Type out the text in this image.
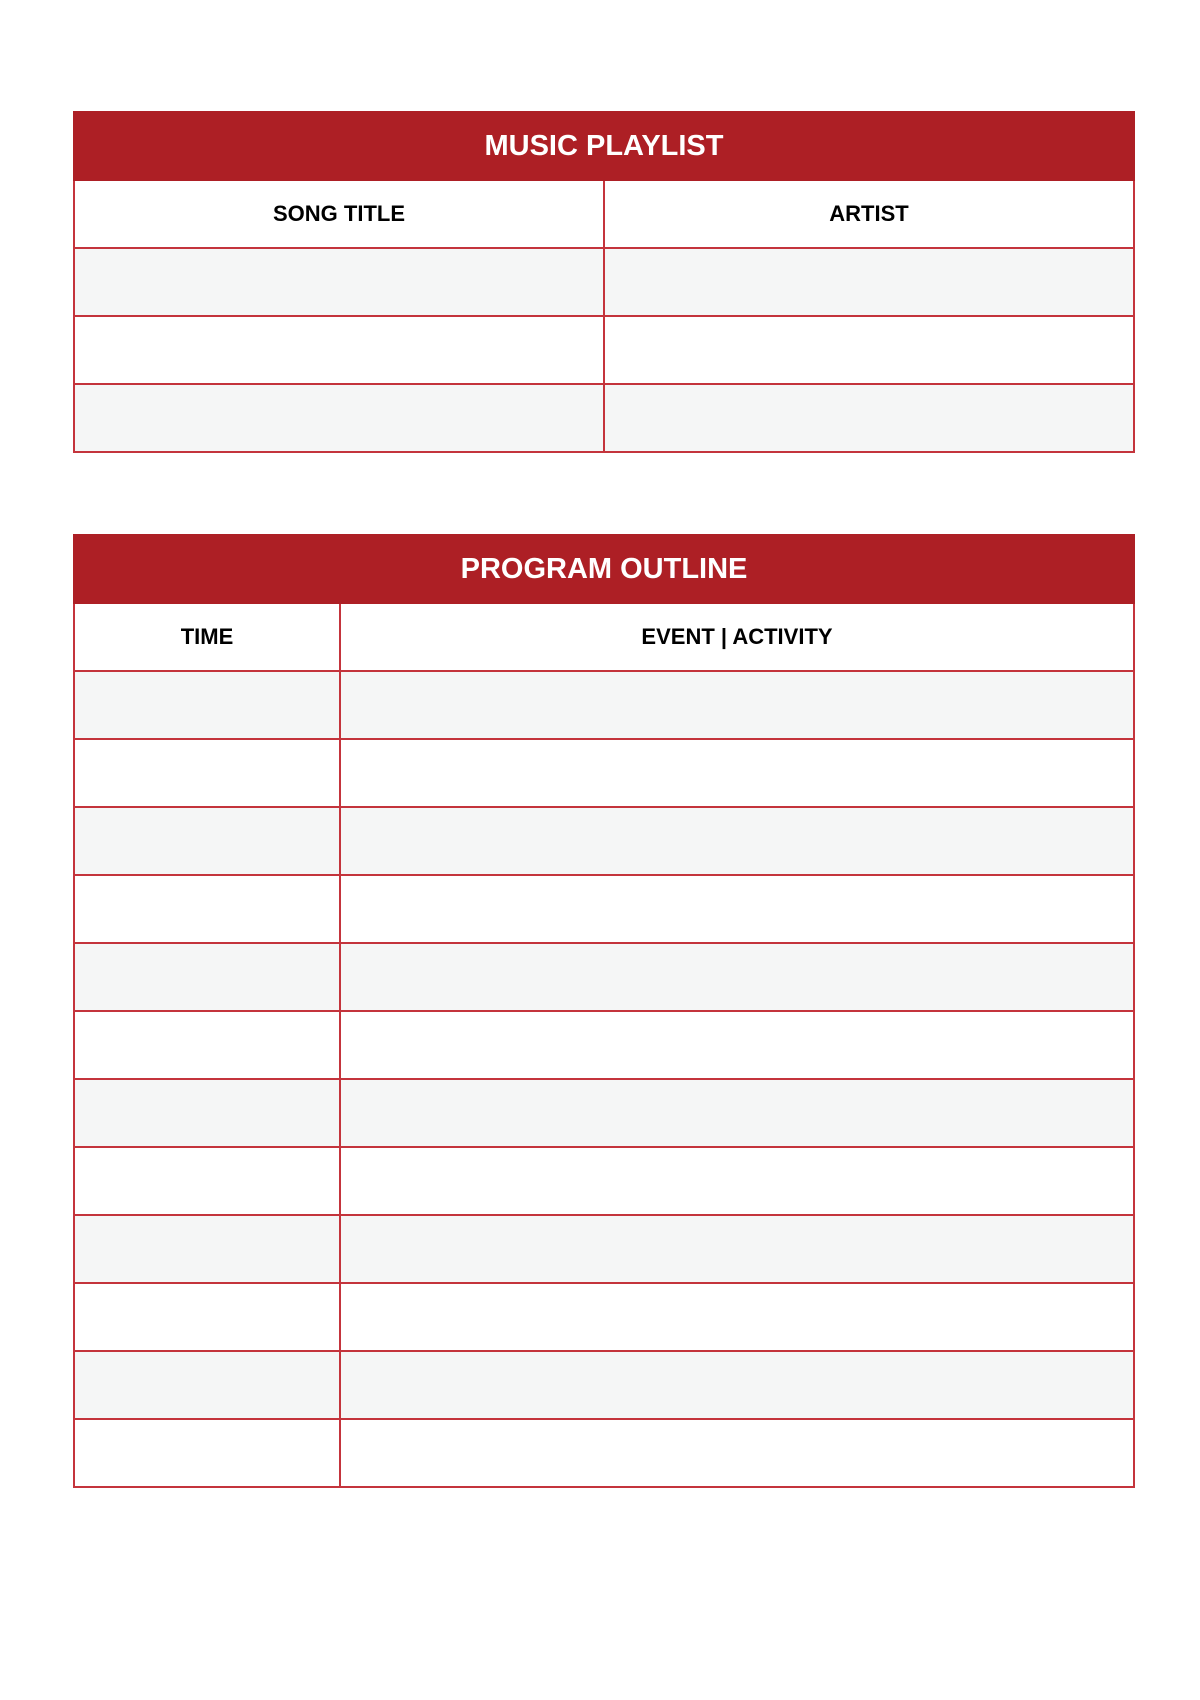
MUSIC PLAYLIST	
SONG TITLE	ARTIST

PROGRAM OUTLINE	
TIME	EVENT | ACTIVITY
